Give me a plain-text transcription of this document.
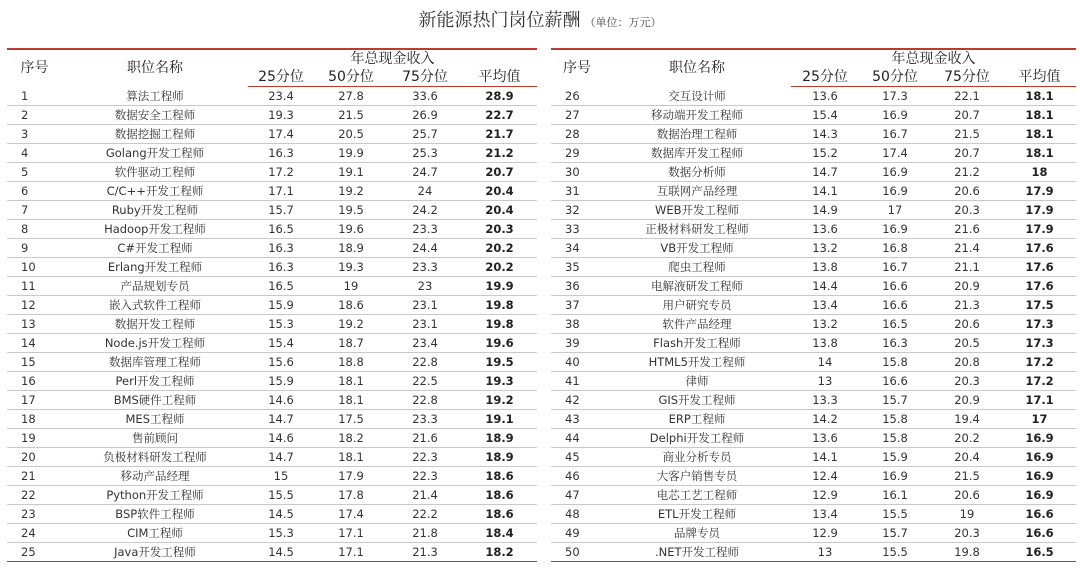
新能源热门岗位薪酬 （单位：万元）
序号	职位名称	年总现金收入			
		25分位	50分位	75分位	平均值
1	算法工程师	23.4	27.8	33.6	28.9
2	数据安全工程师	19.3	21.5	26.9	22.7
3	数据挖掘工程师	17.4	20.5	25.7	21.7
4	Golang开发工程师	16.3	19.9	25.3	21.2
5	软件驱动工程师	17.2	19.1	24.7	20.7
6	C/C++开发工程师	17.1	19.2	24	20.4
7	Ruby开发工程师	15.7	19.5	24.2	20.4
8	Hadoop开发工程师	16.5	19.6	23.3	20.3
9	C#开发工程师	16.3	18.9	24.4	20.2
10	Erlang开发工程师	16.3	19.3	23.3	20.2
11	产品规划专员	16.5	19	23	19.9
12	嵌入式软件工程师	15.9	18.6	23.1	19.8
13	数据开发工程师	15.3	19.2	23.1	19.8
14	Node.js开发工程师	15.4	18.7	23.4	19.6
15	数据库管理工程师	15.6	18.8	22.8	19.5
16	Perl开发工程师	15.9	18.1	22.5	19.3
17	BMS硬件工程师	14.6	18.1	22.8	19.2
18	MES工程师	14.7	17.5	23.3	19.1
19	售前顾问	14.6	18.2	21.6	18.9
20	负极材料研发工程师	14.7	18.1	22.3	18.9
21	移动产品经理	15	17.9	22.3	18.6
22	Python开发工程师	15.5	17.8	21.4	18.6
23	BSP软件工程师	14.5	17.4	22.2	18.6
24	CIM工程师	15.3	17.1	21.8	18.4
25	Java开发工程师	14.5	17.1	21.3	18.2
序号	职位名称	年总现金收入			
		25分位	50分位	75分位	平均值
26	交互设计师	13.6	17.3	22.1	18.1
27	移动端开发工程师	15.4	16.9	20.7	18.1
28	数据治理工程师	14.3	16.7	21.5	18.1
29	数据库开发工程师	15.2	17.4	20.7	18.1
30	数据分析师	14.7	16.9	21.2	18
31	互联网产品经理	14.1	16.9	20.6	17.9
32	WEB开发工程师	14.9	17	20.3	17.9
33	正极材料研发工程师	13.6	16.9	21.6	17.9
34	VB开发工程师	13.2	16.8	21.4	17.6
35	爬虫工程师	13.8	16.7	21.1	17.6
36	电解液研发工程师	14.4	16.6	20.9	17.6
37	用户研究专员	13.4	16.6	21.3	17.5
38	软件产品经理	13.2	16.5	20.6	17.3
39	Flash开发工程师	13.8	16.3	20.5	17.3
40	HTML5开发工程师	14	15.8	20.8	17.2
41	律师	13	16.6	20.3	17.2
42	GIS开发工程师	13.3	15.7	20.9	17.1
43	ERP工程师	14.2	15.8	19.4	17
44	Delphi开发工程师	13.6	15.8	20.2	16.9
45	商业分析专员	14.1	15.9	20.4	16.9
46	大客户销售专员	12.4	16.9	21.5	16.9
47	电芯工艺工程师	12.9	16.1	20.6	16.9
48	ETL开发工程师	13.4	15.5	19	16.6
49	品牌专员	12.9	15.7	20.3	16.6
50	.NET开发工程师	13	15.5	19.8	16.5
